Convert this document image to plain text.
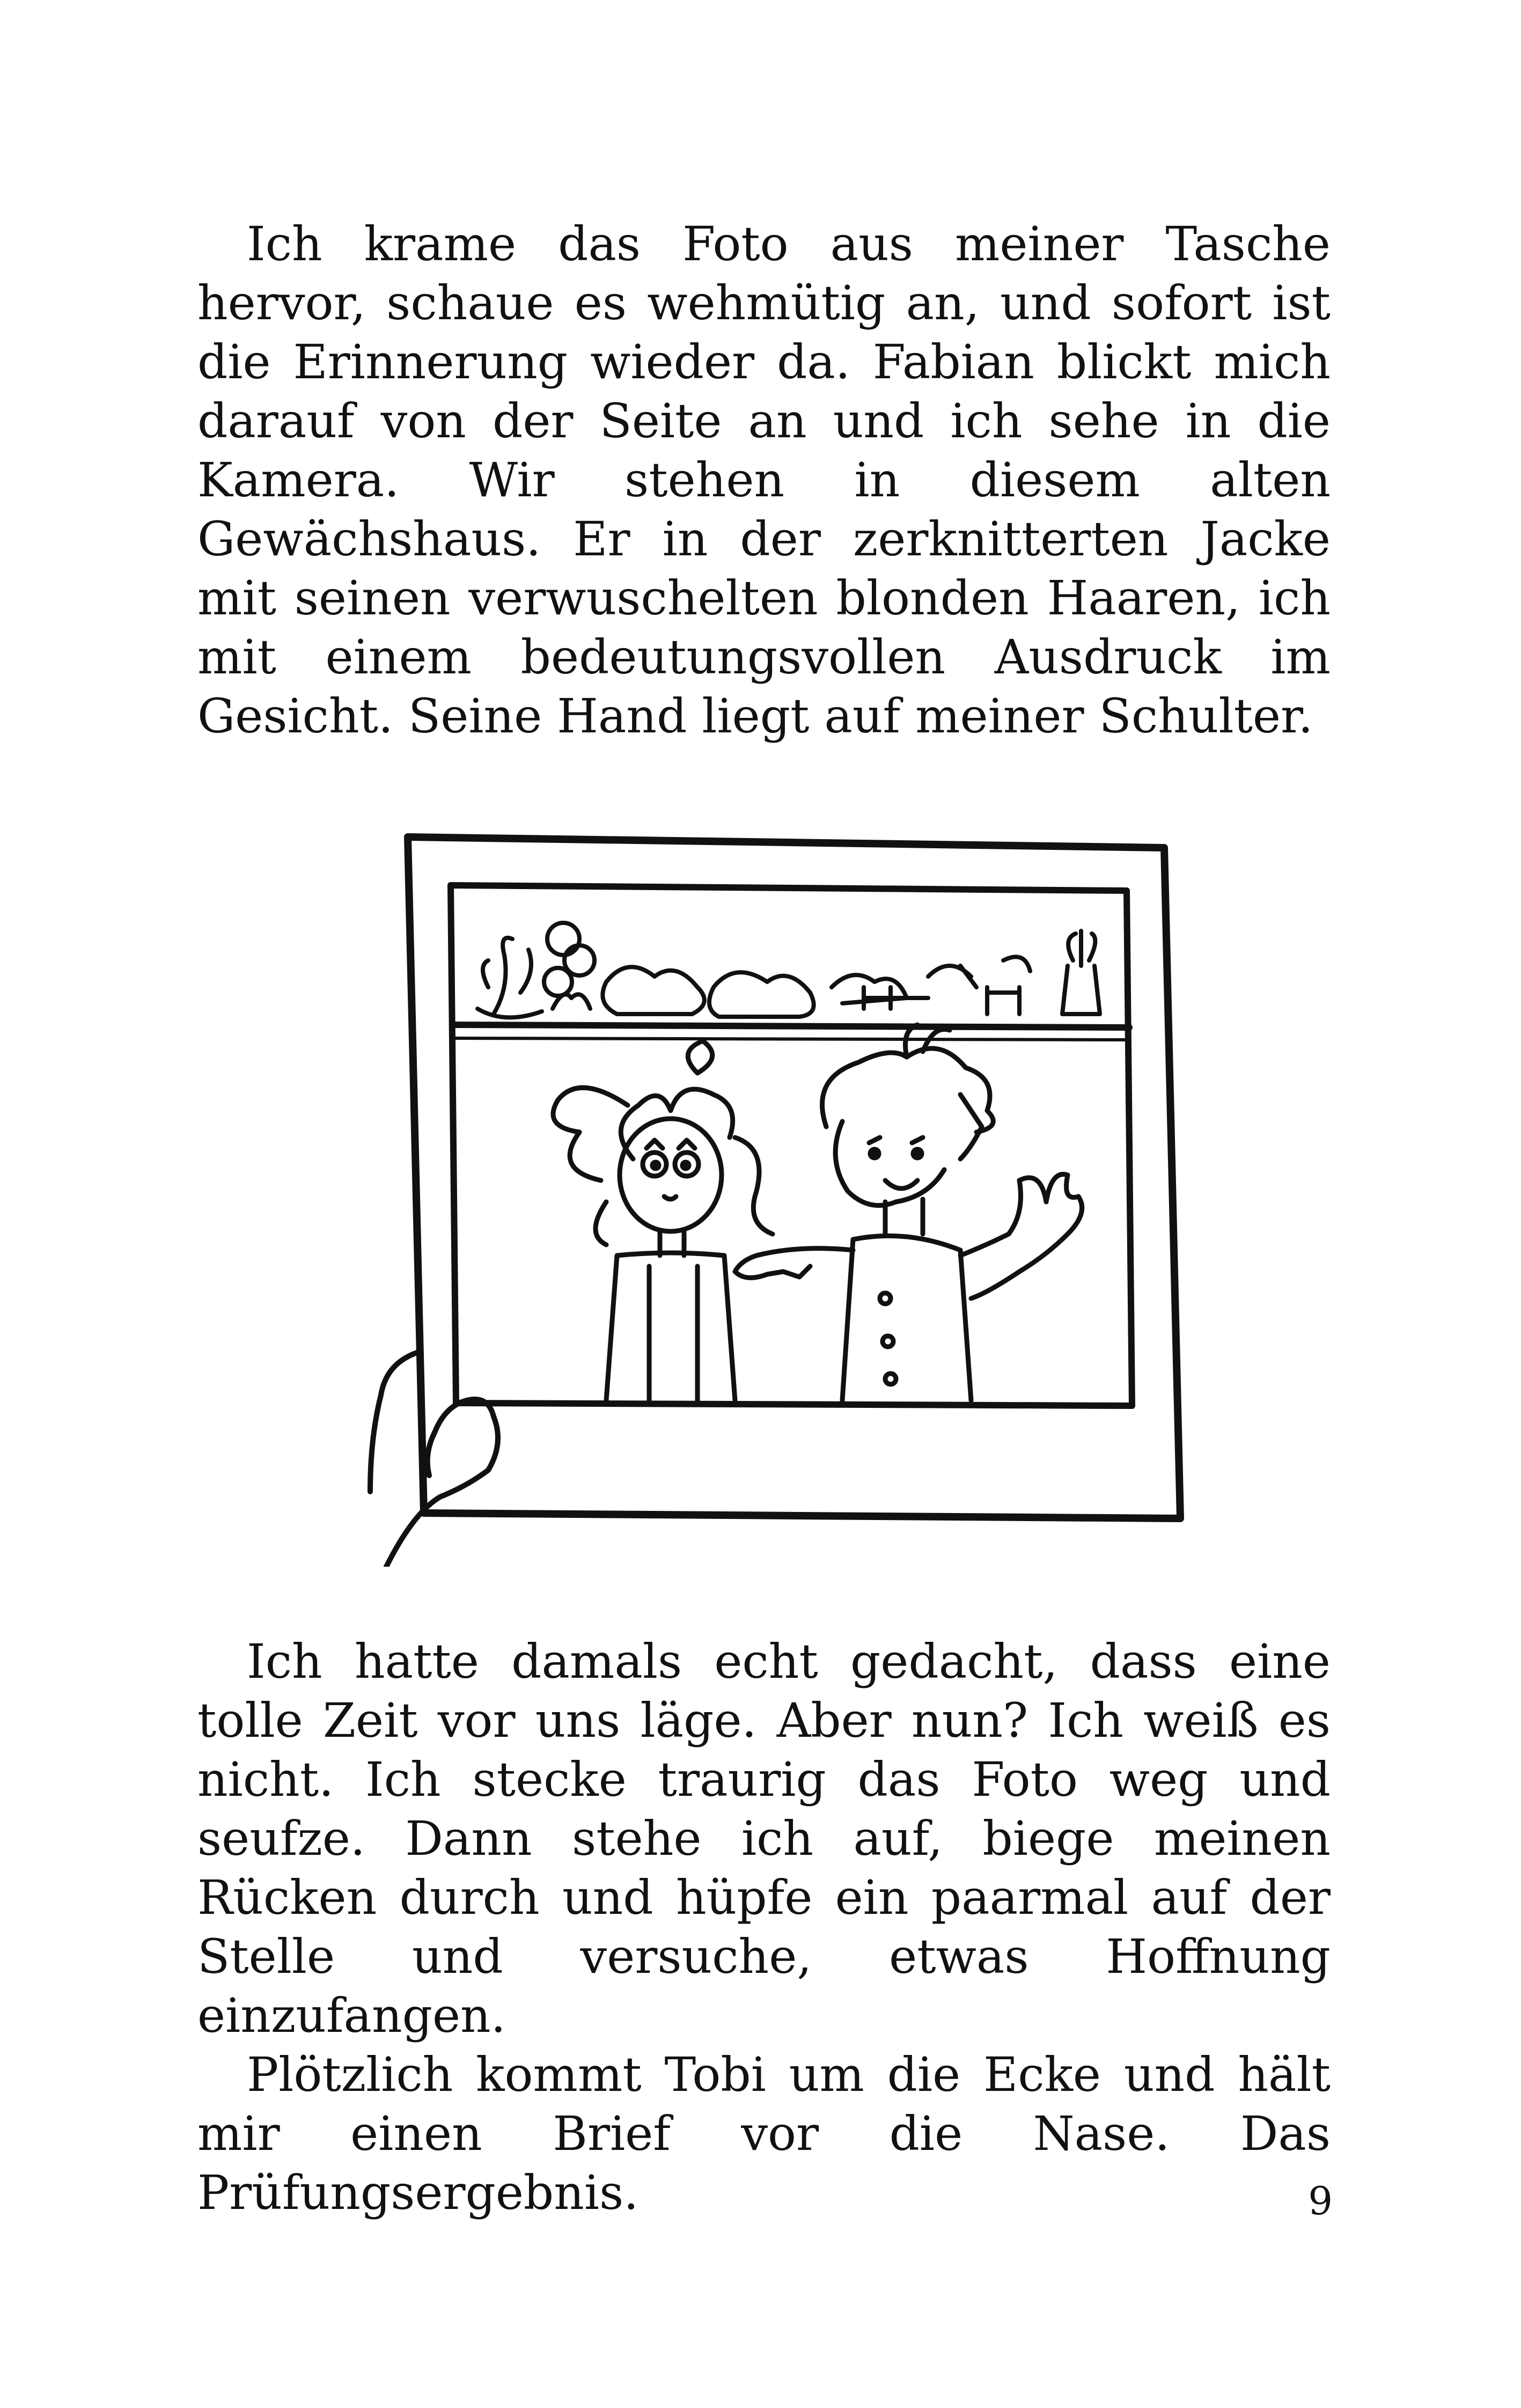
Ich krame das Foto aus meiner Tasche hervor, schaue es wehmütig an, und sofort ist die Erinnerung wieder da. Fabian blickt mich darauf von der Seite an und ich sehe in die Kamera. Wir stehen in diesem alten Gewächshaus. Er in der zerknitterten Jacke mit seinen verwuschelten blonden Haaren, ich mit einem bedeutungsvollen Ausdruck im Gesicht. Seine Hand liegt auf meiner Schulter.

Ich hatte damals echt gedacht, dass eine tolle Zeit vor uns läge. Aber nun? Ich weiß es nicht. Ich stecke traurig das Foto weg und seufze. Dann stehe ich auf, biege meinen Rücken durch und hüpfe ein paarmal auf der Stelle und versuche, etwas Hoffnung einzufangen.

Plötzlich kommt Tobi um die Ecke und hält mir einen Brief vor die Nase. Das Prüfungsergebnis.	9
